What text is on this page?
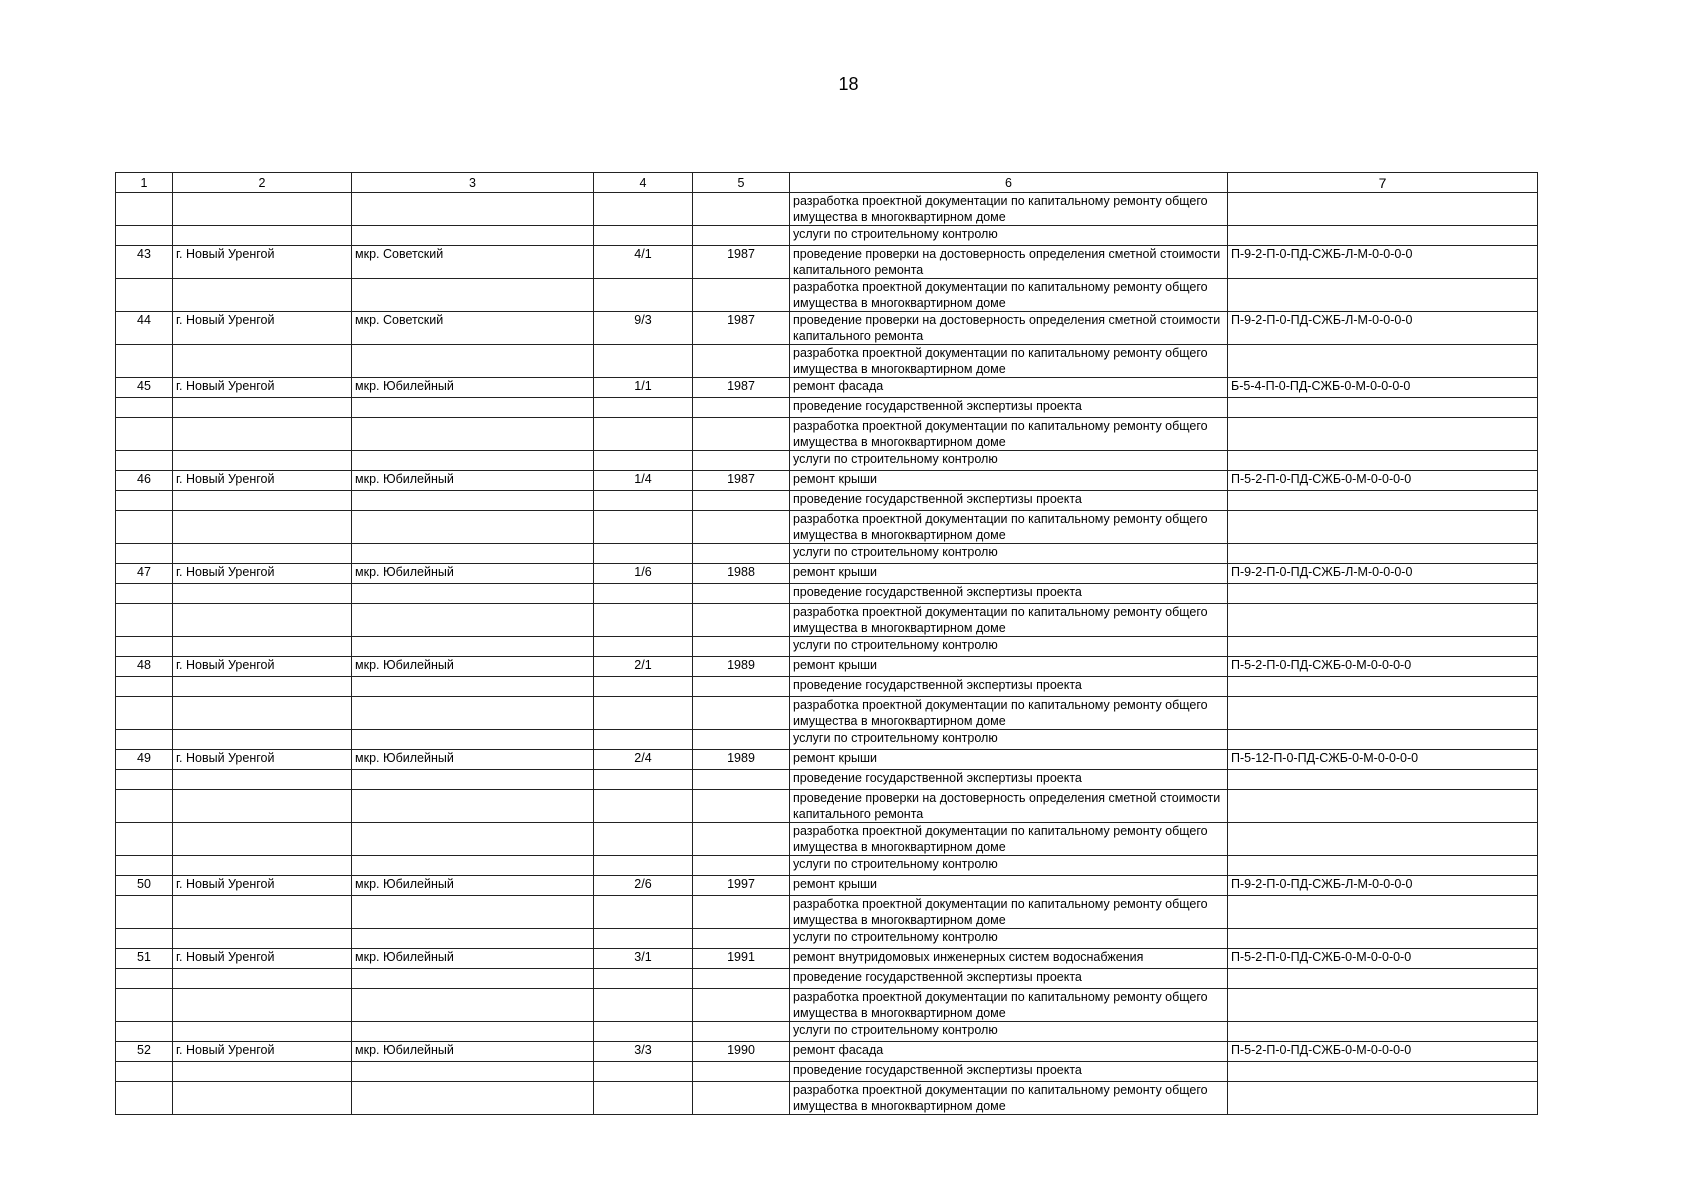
18
1	2	3	4	5	6	7
					разработка проектной документации по капитальному ремонту общего имущества в многоквартирном доме	
					услуги по строительному контролю	
43	г. Новый Уренгой	мкр. Советский	4/1	1987	проведение проверки на достоверность определения сметной стоимости капитального ремонта	П-9-2-П-0-ПД-СЖБ-Л-М-0-0-0-0
					разработка проектной документации по капитальному ремонту общего имущества в многоквартирном доме	
44	г. Новый Уренгой	мкр. Советский	9/3	1987	проведение проверки на достоверность определения сметной стоимости капитального ремонта	П-9-2-П-0-ПД-СЖБ-Л-М-0-0-0-0
					разработка проектной документации по капитальному ремонту общего имущества в многоквартирном доме	
45	г. Новый Уренгой	мкр. Юбилейный	1/1	1987	ремонт фасада	Б-5-4-П-0-ПД-СЖБ-0-М-0-0-0-0
					проведение государственной экспертизы проекта	
					разработка проектной документации по капитальному ремонту общего имущества в многоквартирном доме	
					услуги по строительному контролю	
46	г. Новый Уренгой	мкр. Юбилейный	1/4	1987	ремонт крыши	П-5-2-П-0-ПД-СЖБ-0-М-0-0-0-0
					проведение государственной экспертизы проекта	
					разработка проектной документации по капитальному ремонту общего имущества в многоквартирном доме	
					услуги по строительному контролю	
47	г. Новый Уренгой	мкр. Юбилейный	1/6	1988	ремонт крыши	П-9-2-П-0-ПД-СЖБ-Л-М-0-0-0-0
					проведение государственной экспертизы проекта	
					разработка проектной документации по капитальному ремонту общего имущества в многоквартирном доме	
					услуги по строительному контролю	
48	г. Новый Уренгой	мкр. Юбилейный	2/1	1989	ремонт крыши	П-5-2-П-0-ПД-СЖБ-0-М-0-0-0-0
					проведение государственной экспертизы проекта	
					разработка проектной документации по капитальному ремонту общего имущества в многоквартирном доме	
					услуги по строительному контролю	
49	г. Новый Уренгой	мкр. Юбилейный	2/4	1989	ремонт крыши	П-5-12-П-0-ПД-СЖБ-0-М-0-0-0-0
					проведение государственной экспертизы проекта	
					проведение проверки на достоверность определения сметной стоимости капитального ремонта	
					разработка проектной документации по капитальному ремонту общего имущества в многоквартирном доме	
					услуги по строительному контролю	
50	г. Новый Уренгой	мкр. Юбилейный	2/6	1997	ремонт крыши	П-9-2-П-0-ПД-СЖБ-Л-М-0-0-0-0
					разработка проектной документации по капитальному ремонту общего имущества в многоквартирном доме	
					услуги по строительному контролю	
51	г. Новый Уренгой	мкр. Юбилейный	3/1	1991	ремонт внутридомовых инженерных систем водоснабжения	П-5-2-П-0-ПД-СЖБ-0-М-0-0-0-0
					проведение государственной экспертизы проекта	
					разработка проектной документации по капитальному ремонту общего имущества в многоквартирном доме	
					услуги по строительному контролю	
52	г. Новый Уренгой	мкр. Юбилейный	3/3	1990	ремонт фасада	П-5-2-П-0-ПД-СЖБ-0-М-0-0-0-0
					проведение государственной экспертизы проекта	
					разработка проектной документации по капитальному ремонту общего имущества в многоквартирном доме	
